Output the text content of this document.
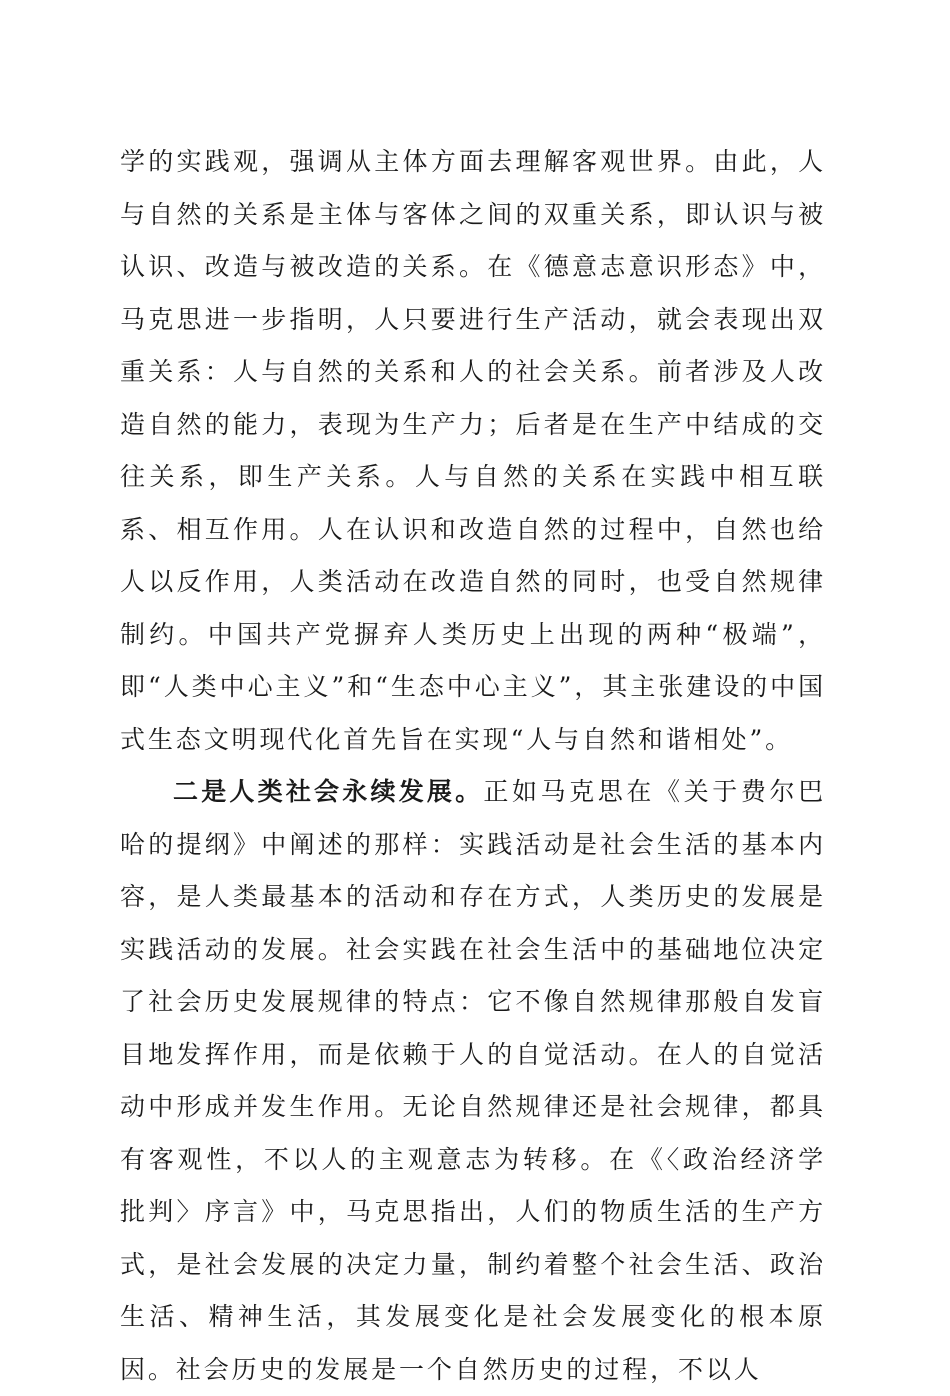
学的实践观，强调从主体方面去理解客观世界。由此，人与自然的关系是主体与客体之间的双重关系，即认识与被认识、改造与被改造的关系。在《德意志意识形态》中，马克思进一步指明，人只要进行生产活动，就会表现出双重关系：人与自然的关系和人的社会关系。前者涉及人改造自然的能力，表现为生产力；后者是在生产中结成的交往关系，即生产关系。人与自然的关系在实践中相互联系、相互作用。人在认识和改造自然的过程中，自然也给人以反作用，人类活动在改造自然的同时，也受自然规律制约。中国共产党摒弃人类历史上出现的两种“极端”，即“人类中心主义”和“生态中心主义”，其主张建设的中国式生态文明现代化首先旨在实现“人与自然和谐相处”。

二是人类社会永续发展。正如马克思在《关于费尔巴哈的提纲》中阐述的那样：实践活动是社会生活的基本内容，是人类最基本的活动和存在方式，人类历史的发展是实践活动的发展。社会实践在社会生活中的基础地位决定了社会历史发展规律的特点：它不像自然规律那般自发盲目地发挥作用，而是依赖于人的自觉活动。在人的自觉活动中形成并发生作用。无论自然规律还是社会规律，都具有客观性，不以人的主观意志为转移。在《〈政治经济学批判〉序言》中，马克思指出，人们的物质生活的生产方式，是社会发展的决定力量，制约着整个社会生活、政治生活、精神生活，其发展变化是社会发展变化的根本原因。社会历史的发展是一个自然历史的过程，不以人
